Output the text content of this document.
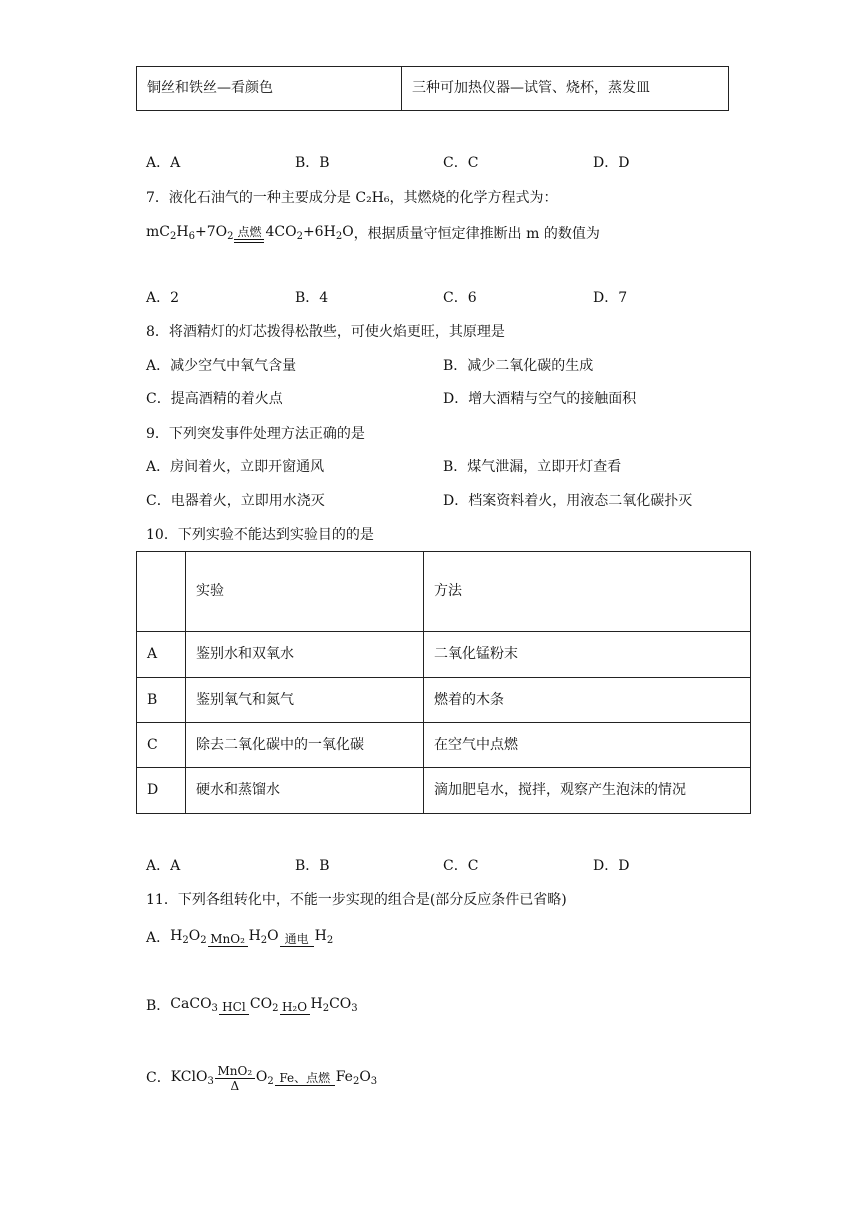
铜丝和铁丝—看颜色	三种可加热仪器—试管、烧杯，蒸发皿
A．A	B．B	C．C	D．D
7．液化石油气的一种主要成分是 C₂H₆，其燃烧的化学方程式为：
$mC_2H_6+7O_2$ 点燃 $4CO_2+6H_2O$ ，根据质量守恒定律推断出 m 的数值为
A．2	B．4	C．6	D．7
8．将酒精灯的灯芯拨得松散些，可使火焰更旺，其原理是
A．减少空气中氧气含量	B．减少二氧化碳的生成
C．提高酒精的着火点	D．增大酒精与空气的接触面积
9．下列突发事件处理方法正确的是
A．房间着火，立即开窗通风	B．煤气泄漏，立即开灯查看
C．电器着火，立即用水浇灭	D．档案资料着火，用液态二氧化碳扑灭
10．下列实验不能达到实验目的的是
	实验	方法
A	鉴别水和双氧水	二氧化锰粉末
B	鉴别氧气和氮气	燃着的木条
C	除去二氧化碳中的一氧化碳	在空气中点燃
D	硬水和蒸馏水	滴加肥皂水，搅拌，观察产生泡沫的情况
A．A	B．B	C．C	D．D
11．下列各组转化中，不能一步实现的组合是(部分反应条件已省略)
A． $H_2O_2$ MnO₂ $H_2O$ 通电 $H_2$
B． CaCO$_3$ HCl $CO_2$ H₂O $H_2CO_3$
C． KClO$_3$
MnO₂
Δ
$O_2$ Fe、点燃 $Fe_2O_3$
